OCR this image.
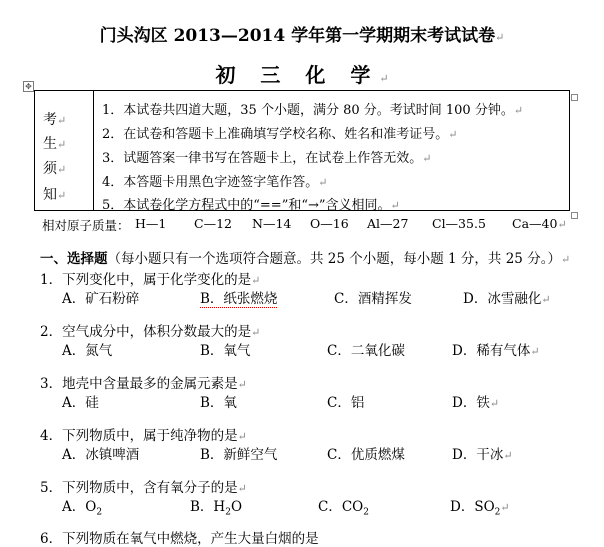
门头沟区 2013—2014 学年第一学期期末考试试卷↵
初 三 化 学↵
✥
考↵
生↵
须↵
知↵
1．本试卷共四道大题，35 个小题，满分 80 分。考试时间 100 分钟。↵
2．在试卷和答题卡上准确填写学校名称、姓名和准考证号。↵
3．试题答案一律书写在答题卡上，在试卷上作答无效。↵
4．本答题卡用黑色字迹签字笔作答。↵
5．本试卷化学方程式中的“==”和“→”含义相同。↵
相对原子质量： H—1 C—12 N—14 O—16 Al—27 Cl—35.5 Ca—40↵
一、选择题（每小题只有一个选项符合题意。共 25 个小题，每小题 1 分，共 25 分。）↵
1．下列变化中，属于化学变化的是↵
A．矿石粉碎	B．纸张燃烧	C．酒精挥发	D．冰雪融化↵
2．空气成分中，体积分数最大的是↵
A．氮气	B．氧气	C．二氧化碳	D．稀有气体↵
3．地壳中含量最多的金属元素是↵
A．硅	B．氧	C．铝	D．铁↵
4．下列物质中，属于纯净物的是↵
A．冰镇啤酒	B．新鲜空气	C．优质燃煤	D．干冰↵
5．下列物质中，含有氧分子的是↵
A．$O_2$	B．$H_2O$	C．$CO_2$	D．$SO_2↵$
6．下列物质在氧气中燃烧，产生大量白烟的是
